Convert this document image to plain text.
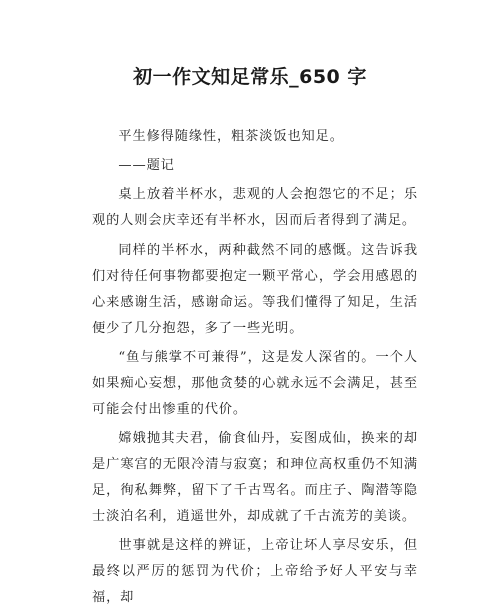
初一作文知足常乐_650 字

平生修得随缘性，粗茶淡饭也知足。

——题记

桌上放着半杯水，悲观的人会抱怨它的不足；乐观的人则会庆幸还有半杯水，因而后者得到了满足。

同样的半杯水，两种截然不同的感慨。这告诉我们对待任何事物都要抱定一颗平常心，学会用感恩的心来感谢生活，感谢命运。等我们懂得了知足，生活便少了几分抱怨，多了一些光明。

“鱼与熊掌不可兼得”，这是发人深省的。一个人如果痴心妄想，那他贪婪的心就永远不会满足，甚至可能会付出惨重的代价。

嫦娥抛其夫君，偷食仙丹，妄图成仙，换来的却是广寒宫的无限冷清与寂寞；和珅位高权重仍不知满足，徇私舞弊，留下了千古骂名。而庄子、陶潜等隐士淡泊名利，逍遥世外，却成就了千古流芳的美谈。

世事就是这样的辨证，上帝让坏人享尽安乐，但最终以严厉的惩罚为代价；上帝给予好人平安与幸福，却
